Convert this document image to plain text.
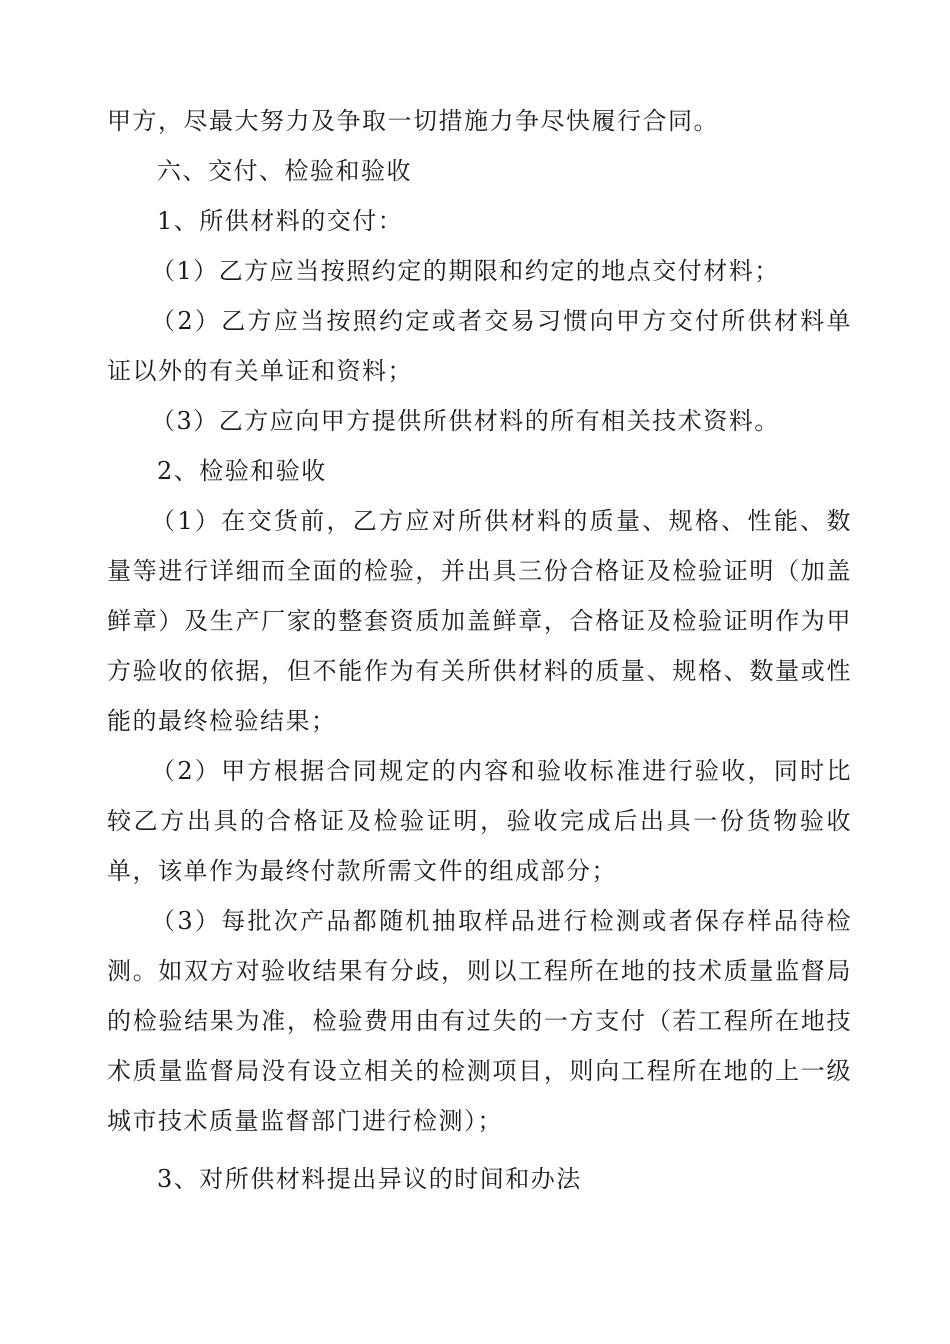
甲方，尽最大努力及争取一切措施力争尽快履行合同。

六、交付、检验和验收

1、所供材料的交付：

（1）乙方应当按照约定的期限和约定的地点交付材料；

（2）乙方应当按照约定或者交易习惯向甲方交付所供材料单证以外的有关单证和资料；

（3）乙方应向甲方提供所供材料的所有相关技术资料。

2、检验和验收

（1）在交货前，乙方应对所供材料的质量、规格、性能、数量等进行详细而全面的检验，并出具三份合格证及检验证明（加盖鲜章）及生产厂家的整套资质加盖鲜章，合格证及检验证明作为甲方验收的依据，但不能作为有关所供材料的质量、规格、数量或性能的最终检验结果；

（2）甲方根据合同规定的内容和验收标准进行验收，同时比较乙方出具的合格证及检验证明，验收完成后出具一份货物验收单，该单作为最终付款所需文件的组成部分；

（3）每批次产品都随机抽取样品进行检测或者保存样品待检测。如双方对验收结果有分歧，则以工程所在地的技术质量监督局的检验结果为准，检验费用由有过失的一方支付（若工程所在地技术质量监督局没有设立相关的检测项目，则向工程所在地的上一级城市技术质量监督部门进行检测）；

3、对所供材料提出异议的时间和办法
